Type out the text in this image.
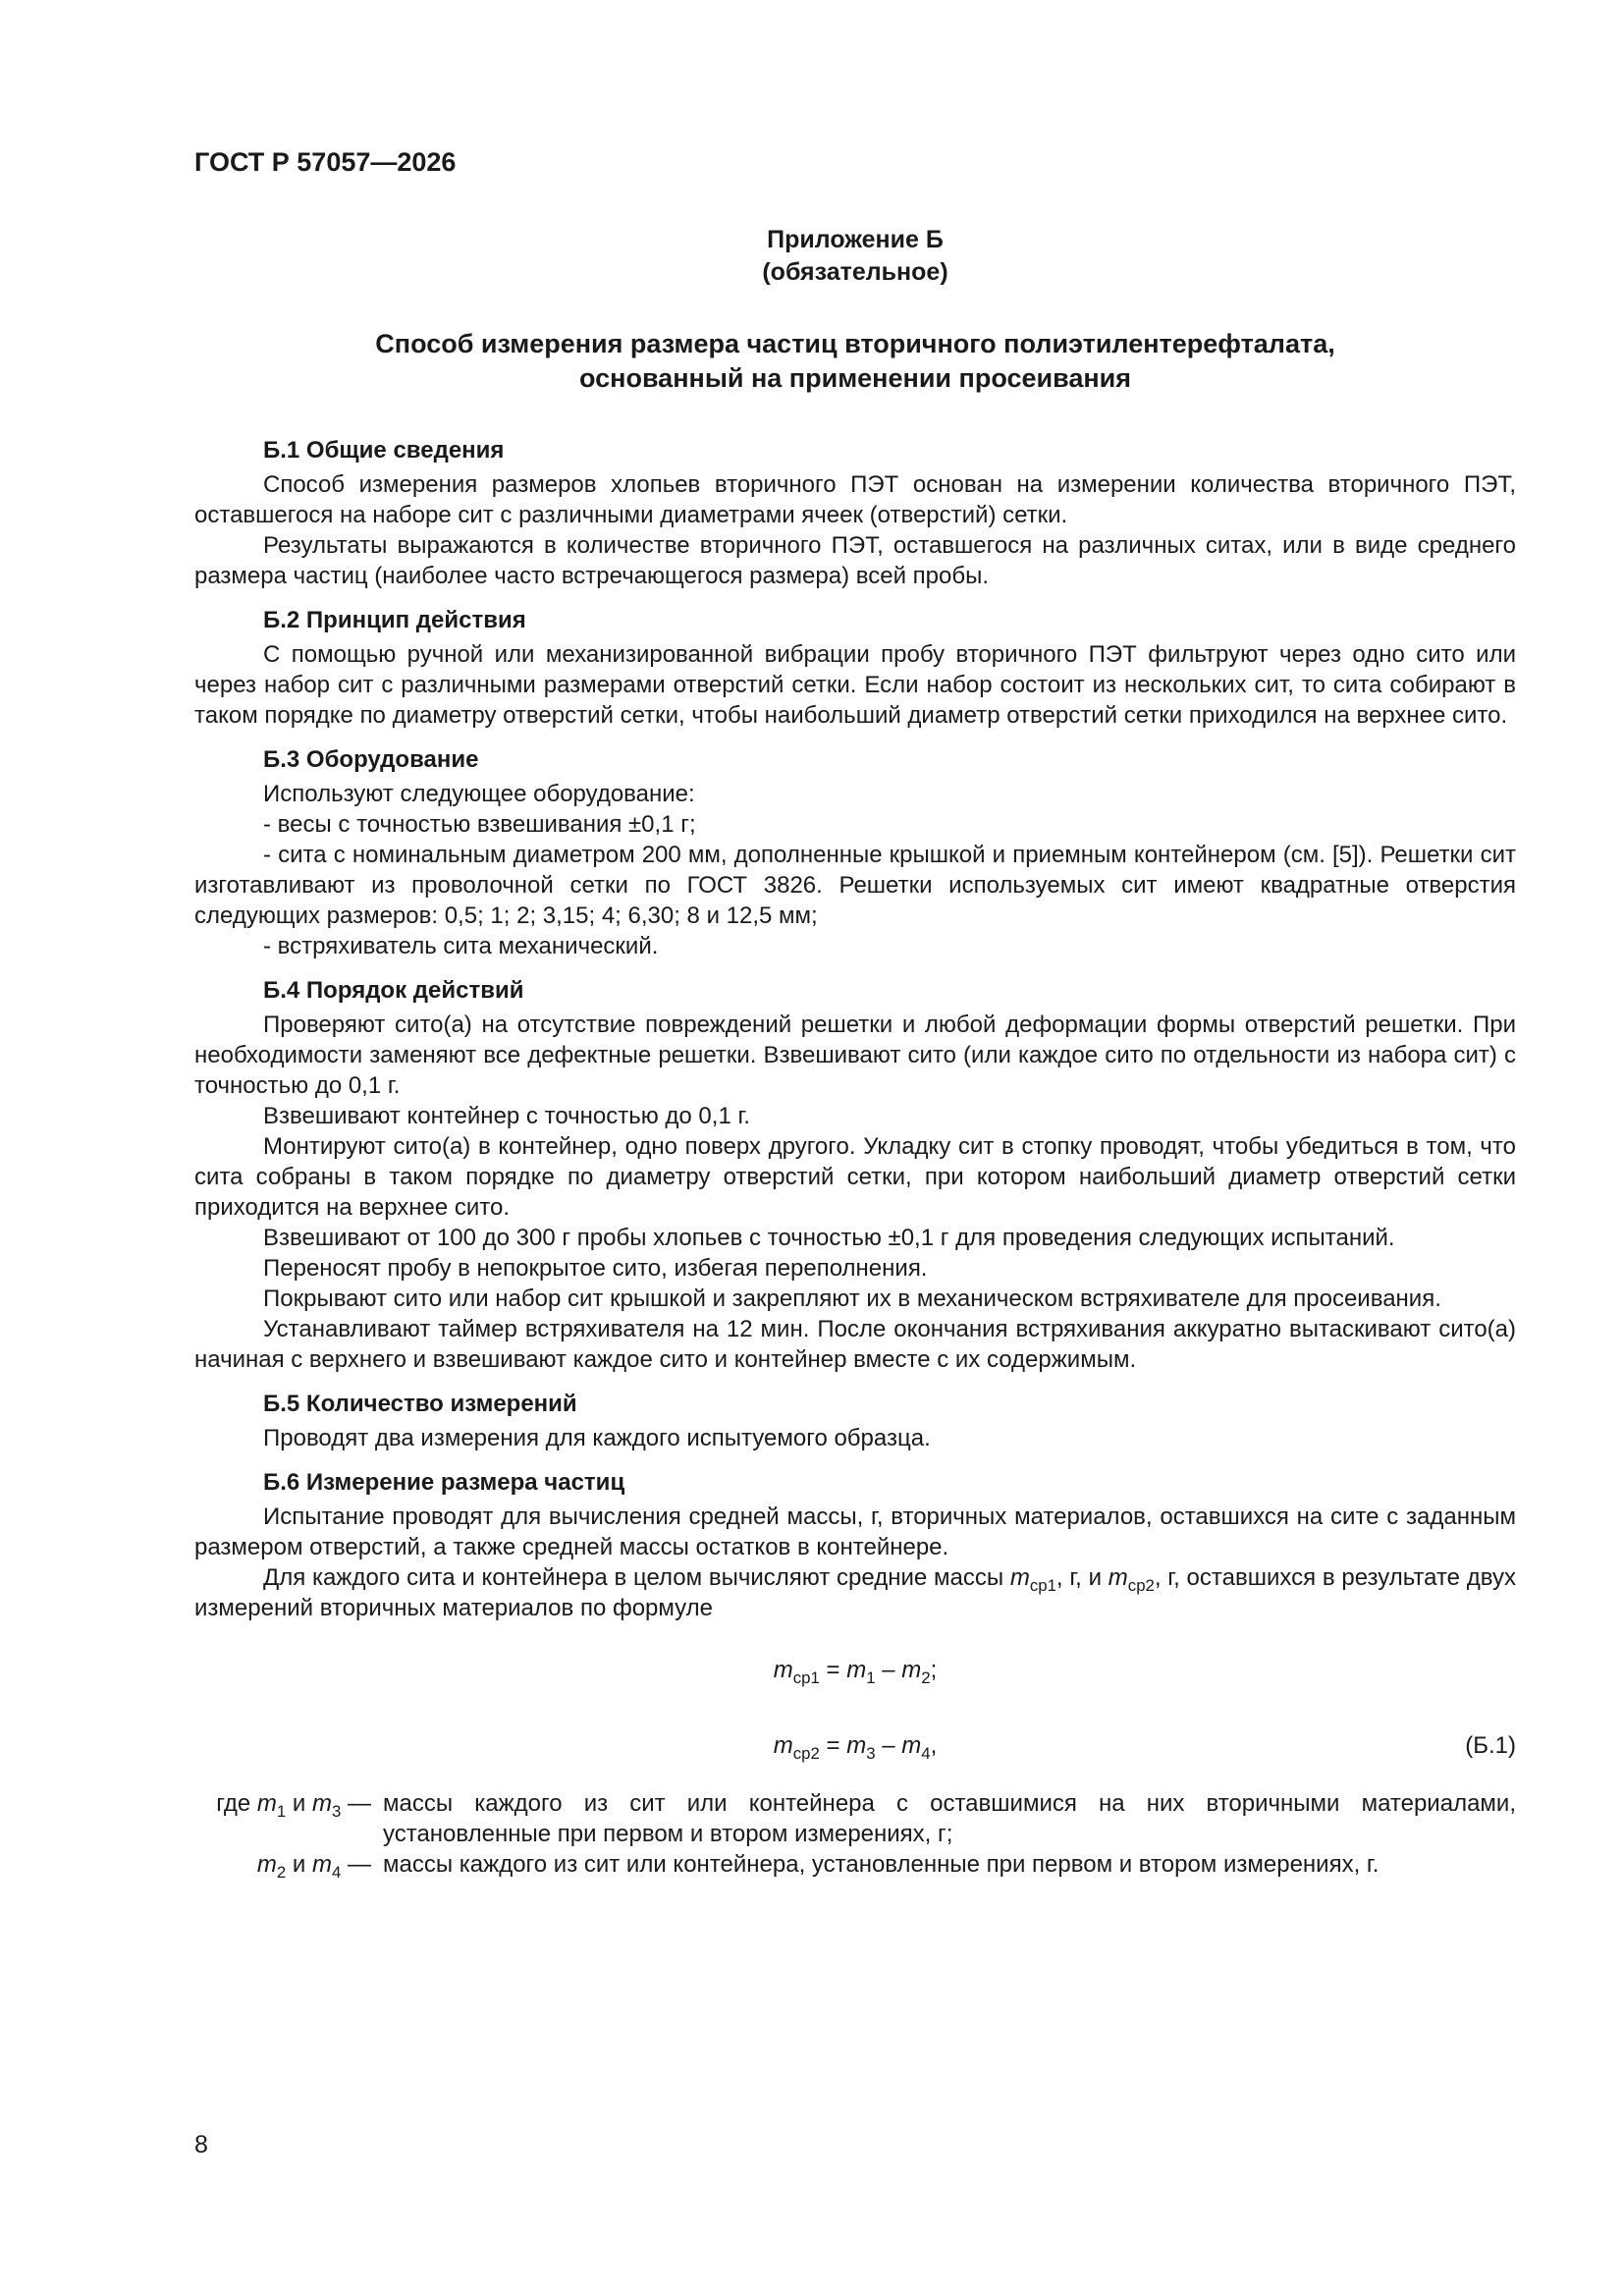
ГОСТ Р 57057—2026
Приложение Б
(обязательное)
Способ измерения размера частиц вторичного полиэтилентерефталата,
основанный на применении просеивания
Б.1 Общие сведения
Способ измерения размеров хлопьев вторичного ПЭТ основан на измерении количества вторичного ПЭТ, оставшегося на наборе сит с различными диаметрами ячеек (отверстий) сетки.
Результаты выражаются в количестве вторичного ПЭТ, оставшегося на различных ситах, или в виде среднего размера частиц (наиболее часто встречающегося размера) всей пробы.
Б.2 Принцип действия
С помощью ручной или механизированной вибрации пробу вторичного ПЭТ фильтруют через одно сито или через набор сит с различными размерами отверстий сетки. Если набор состоит из нескольких сит, то сита собирают в таком порядке по диаметру отверстий сетки, чтобы наибольший диаметр отверстий сетки приходился на верхнее сито.
Б.3 Оборудование
Используют следующее оборудование:
- весы с точностью взвешивания ±0,1 г;
- сита с номинальным диаметром 200 мм, дополненные крышкой и приемным контейнером (см. [5]). Решетки сит изготавливают из проволочной сетки по ГОСТ 3826. Решетки используемых сит имеют квадратные отверстия следующих размеров: 0,5; 1; 2; 3,15; 4; 6,30; 8 и 12,5 мм;
- встряхиватель сита механический.
Б.4 Порядок действий
Проверяют сито(а) на отсутствие повреждений решетки и любой деформации формы отверстий решетки. При необходимости заменяют все дефектные решетки. Взвешивают сито (или каждое сито по отдельности из набора сит) с точностью до 0,1 г.
Взвешивают контейнер с точностью до 0,1 г.
Монтируют сито(а) в контейнер, одно поверх другого. Укладку сит в стопку проводят, чтобы убедиться в том, что сита собраны в таком порядке по диаметру отверстий сетки, при котором наибольший диаметр отверстий сетки приходится на верхнее сито.
Взвешивают от 100 до 300 г пробы хлопьев с точностью ±0,1 г для проведения следующих испытаний.
Переносят пробу в непокрытое сито, избегая переполнения.
Покрывают сито или набор сит крышкой и закрепляют их в механическом встряхивателе для просеивания.
Устанавливают таймер встряхивателя на 12 мин. После окончания встряхивания аккуратно вытаскивают сито(а) начиная с верхнего и взвешивают каждое сито и контейнер вместе с их содержимым.
Б.5 Количество измерений
Проводят два измерения для каждого испытуемого образца.
Б.6 Измерение размера частиц
Испытание проводят для вычисления средней массы, г, вторичных материалов, оставшихся на сите с заданным размером отверстий, а также средней массы остатков в контейнере.
Для каждого сита и контейнера в целом вычисляют средние массы $m_{ср1}$, г, и $m_{ср2}$, г, оставшихся в результате двух измерений вторичных материалов по формуле
$m_{ср1} = m_1 - m_2$;
$m_{ср2} = m_3 - m_4$,	(Б.1)
где $m_1$ и $m_3$ — массы каждого из сит или контейнера с оставшимися на них вторичными материалами, установленные при первом и втором измерениях, г;
$m_2$ и $m_4$ — массы каждого из сит или контейнера, установленные при первом и втором измерениях, г.
8
